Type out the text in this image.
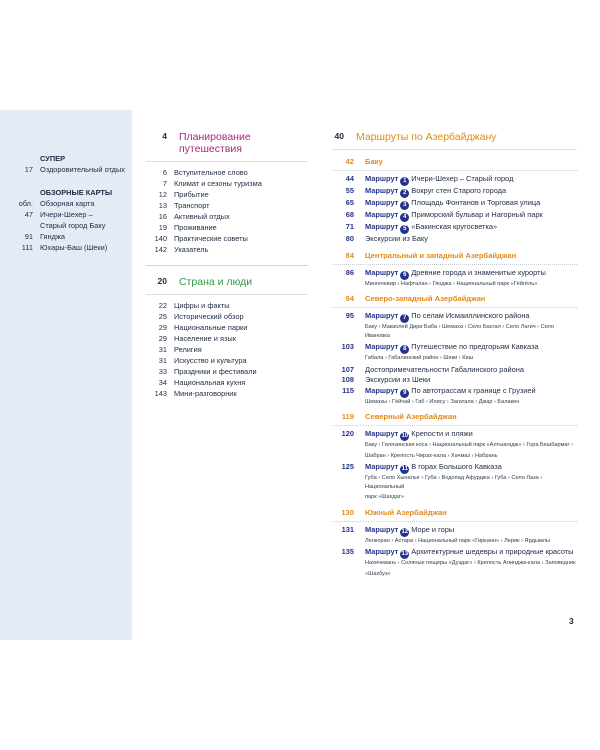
СУПЕР
17 Оздоровительный отдых
ОБЗОРНЫЕ КАРТЫ
обл. Обзорная карта
47 Ичери-Шехер –
Старый город Баку
91 Гянджа
111 Юхары-Баш (Шеки)
4	Планирование
путешествия
6 Вступительное слово
7 Климат и сезоны туризма
12 Прибытие
13 Транспорт
16 Активный отдых
19 Проживание
140 Практические советы
142 Указатель
20	Страна и люди
22 Цифры и факты
25 Исторический обзор
29 Национальные парки
29 Население и язык
31 Религия
31 Искусство и культура
33 Праздники и фестивали
34 Национальная кухня
143 Мини-разговорник
40	Маршруты по Азербайджану
42	Баку
44	Маршрут 1 Ичери-Шехер – Старый город
55	Маршрут 2 Вокруг стен Старого города
65	Маршрут 3 Площадь Фонтанов и Торговая улица
68	Маршрут 4 Приморский бульвар и Нагорный парк
71	Маршрут 5 «Бакинская кругосветка»
80	Экскурсии из Баку
84	Центральный и западный Азербайджан
86	Маршрут 6 Древние города и знаменитые курорты
Мингечевир › Нафталан › Гянджа › Национальный парк «Гёйгёль»
94	Северо-западный Азербайджан
95	Маршрут 7 По селам Исмаиллинского района
Баку › Мавзолей Дири Баба › Шемаха › Село Басгал › Село Лагич › Село Ивановка
103	Маршрут 8 Путешествие по предгорьям Кавказа
Габала › Габалинский район › Шеки › Киш
107	Достопримечательности Габалинского района
108	Экскурсии из Шеки
115	Маршрут 9 По автотрассам к границе с Грузией
Шемахы › Гёйчай › Габ › Илису › Загатала › Джар › Балакен
119	Северный Азербайджан
120	Маршрут 10 Крепости и пляжи
Баку › Гилязинская коса › Национальный парк «Алтыагадж» › Гора Бешбармаг ›
Шабран › Крепость Чирах-кала › Хачмаз › Набрань
125	Маршрут 11 В горах Большого Кавказа
Губа › Село Хыналыг › Губа › Водопад Афурджа › Губа › Село Лаза › Национальный
парк «Шахдаг»
130	Южный Азербайджан
131	Маршрут 12 Море и горы
Ленкоран › Астара › Национальный парк «Гирканн» › Лерик › Ярдымлы
135	Маршрут 13 Архитектурные шедевры и природные красоты
Нахичевань › Соляные пещеры «Дуздаг» › Крепость Алинджа-кала › Заповедник
«Шахбуз»
3
